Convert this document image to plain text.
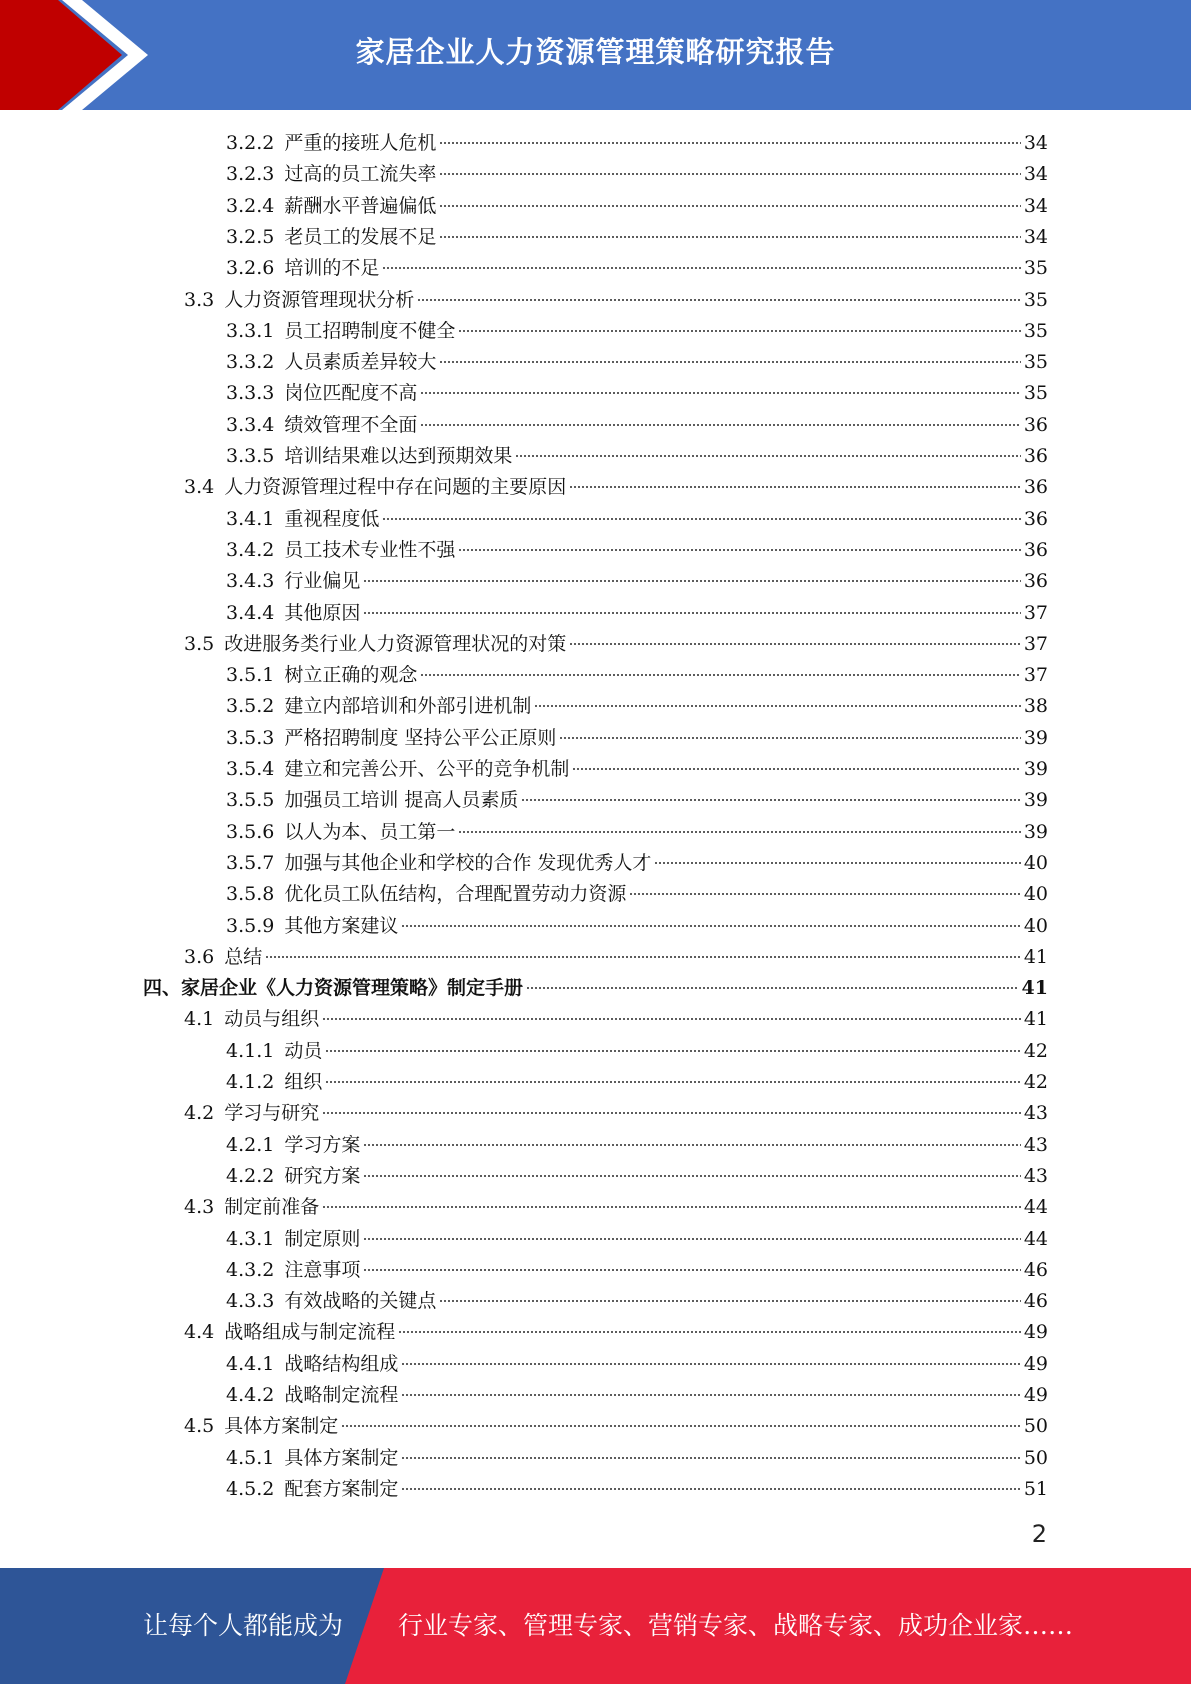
家居企业人力资源管理策略研究报告
3.2.2 严重的接班人危机	34
3.2.3 过高的员工流失率	34
3.2.4 薪酬水平普遍偏低	34
3.2.5 老员工的发展不足	34
3.2.6 培训的不足	35
3.3 人力资源管理现状分析	35
3.3.1 员工招聘制度不健全	35
3.3.2 人员素质差异较大	35
3.3.3 岗位匹配度不高	35
3.3.4 绩效管理不全面	36
3.3.5 培训结果难以达到预期效果	36
3.4 人力资源管理过程中存在问题的主要原因	36
3.4.1 重视程度低	36
3.4.2 员工技术专业性不强	36
3.4.3 行业偏见	36
3.4.4 其他原因	37
3.5 改进服务类行业人力资源管理状况的对策	37
3.5.1 树立正确的观念	37
3.5.2 建立内部培训和外部引进机制	38
3.5.3 严格招聘制度 坚持公平公正原则	39
3.5.4 建立和完善公开、公平的竞争机制	39
3.5.5 加强员工培训 提高人员素质	39
3.5.6 以人为本、员工第一	39
3.5.7 加强与其他企业和学校的合作 发现优秀人才	40
3.5.8 优化员工队伍结构，合理配置劳动力资源	40
3.5.9 其他方案建议	40
3.6 总结	41
四、家居企业《人力资源管理策略》制定手册	41
4.1 动员与组织	41
4.1.1 动员	42
4.1.2 组织	42
4.2 学习与研究	43
4.2.1 学习方案	43
4.2.2 研究方案	43
4.3 制定前准备	44
4.3.1 制定原则	44
4.3.2 注意事项	46
4.3.3 有效战略的关键点	46
4.4 战略组成与制定流程	49
4.4.1 战略结构组成	49
4.4.2 战略制定流程	49
4.5 具体方案制定	50
4.5.1 具体方案制定	50
4.5.2 配套方案制定	51
2
让每个人都能成为 行业专家、管理专家、营销专家、战略专家、成功企业家……
